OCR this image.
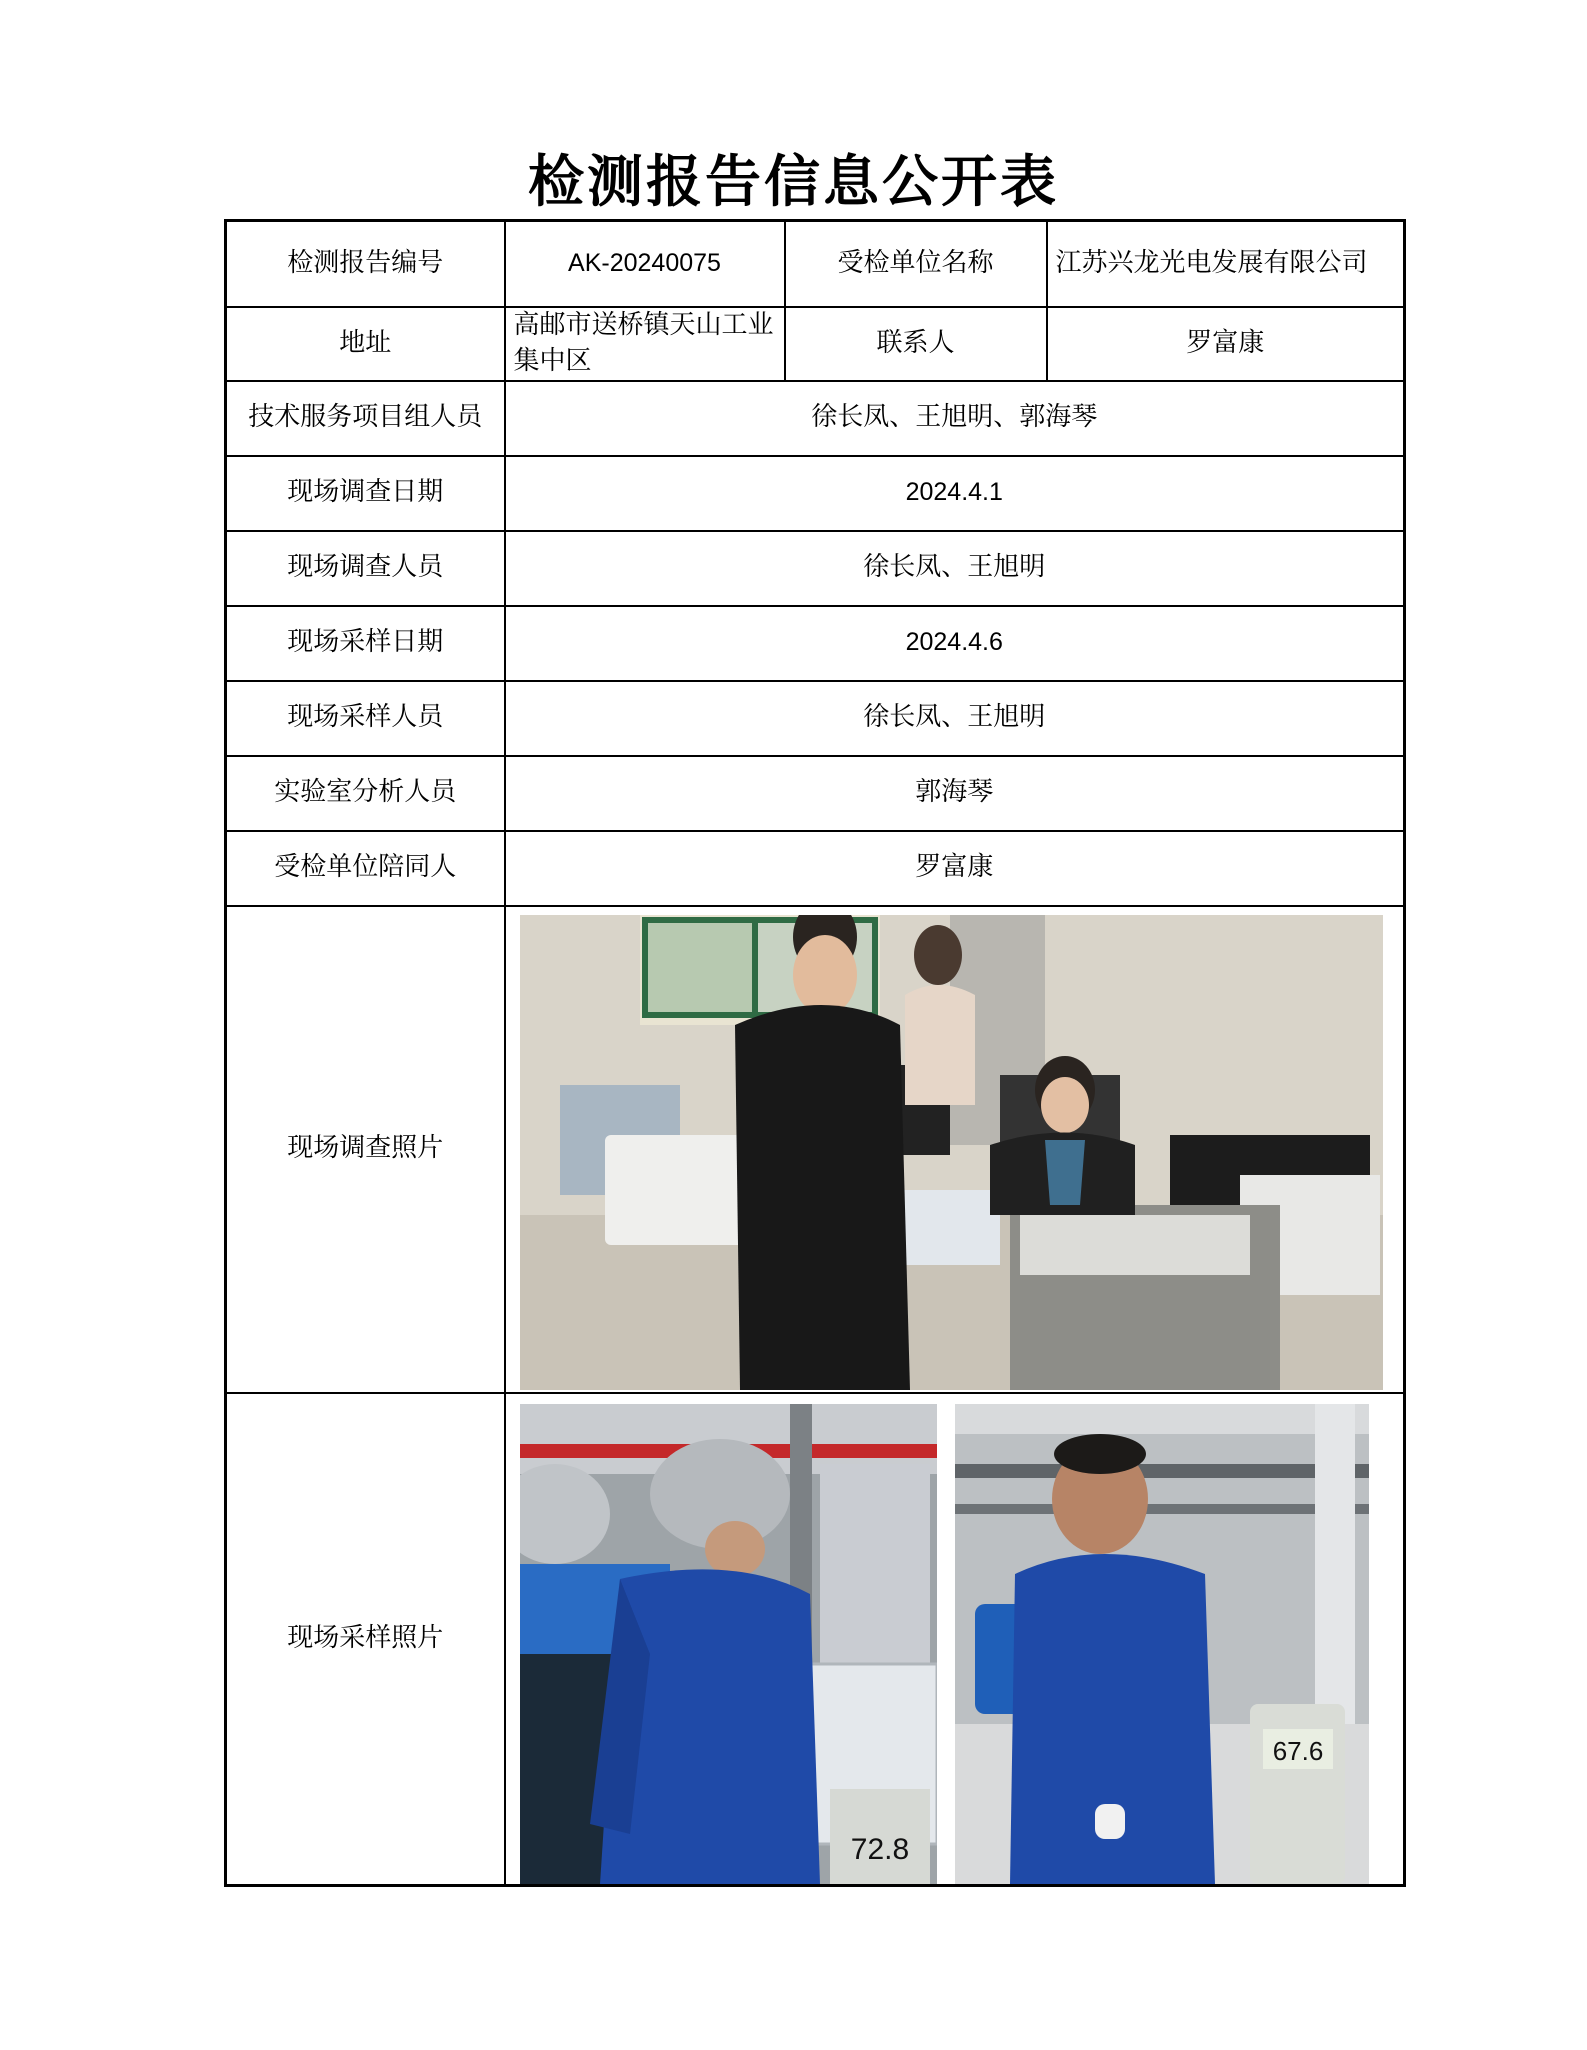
检测报告信息公开表
检测报告编号	AK-20240075	受检单位名称	江苏兴龙光电发展有限公司
地址	高邮市送桥镇天山工业集中区	联系人	罗富康
技术服务项目组人员	徐长凤、王旭明、郭海琴		
现场调查日期	2024.4.1		
现场调查人员	徐长凤、王旭明		
现场采样日期	2024.4.6		
现场采样人员	徐长凤、王旭明		
实验室分析人员	郭海琴		
受检单位陪同人	罗富康		
现场调查照片	

现场采样照片	72.8
67.6		
